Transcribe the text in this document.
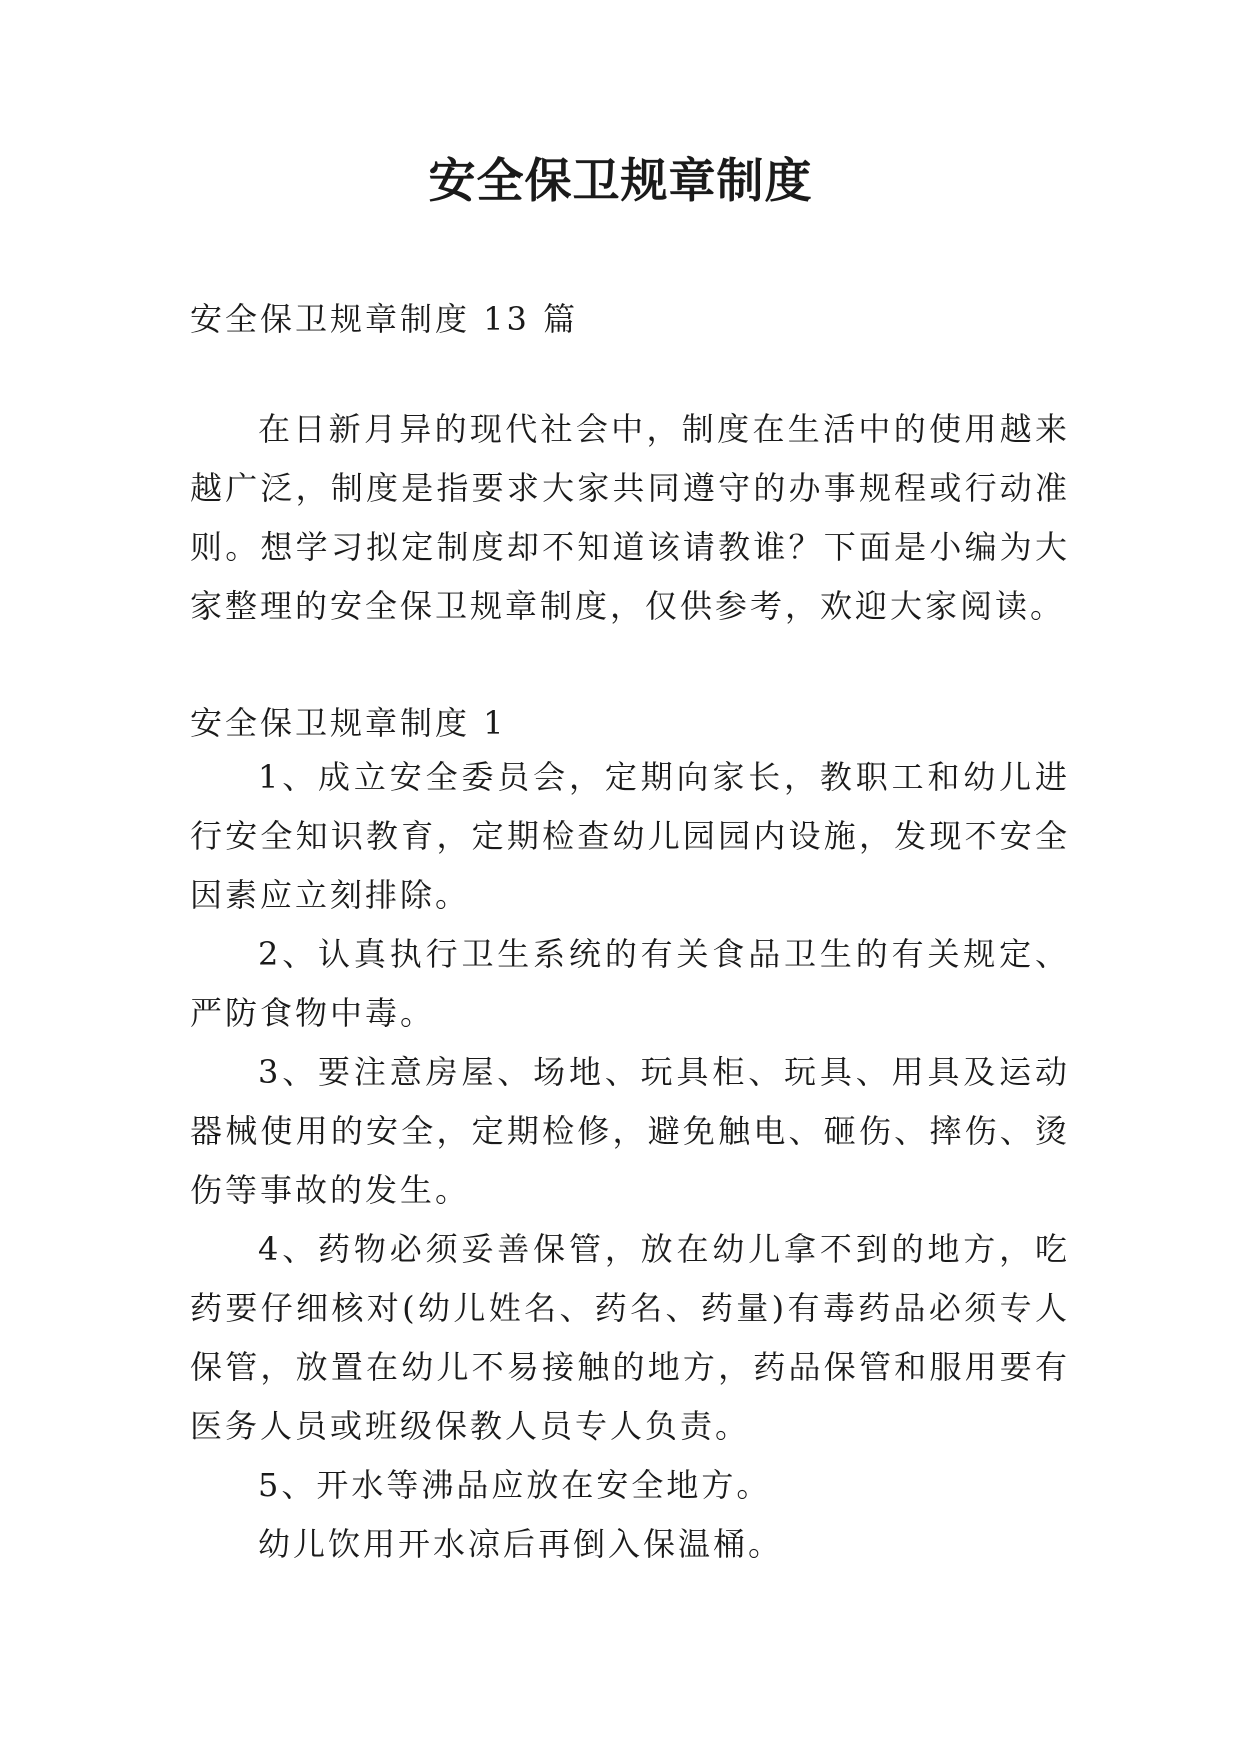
安全保卫规章制度

安全保卫规章制度 13 篇

在日新月异的现代社会中，制度在生活中的使用越来越广泛，制度是指要求大家共同遵守的办事规程或行动准则。想学习拟定制度却不知道该请教谁？下面是小编为大家整理的安全保卫规章制度，仅供参考，欢迎大家阅读。

安全保卫规章制度 1

1、成立安全委员会，定期向家长，教职工和幼儿进行安全知识教育，定期检查幼儿园园内设施，发现不安全因素应立刻排除。

2、认真执行卫生系统的有关食品卫生的有关规定、严防食物中毒。

3、要注意房屋、场地、玩具柜、玩具、用具及运动器械使用的安全，定期检修，避免触电、砸伤、摔伤、烫伤等事故的发生。

4、药物必须妥善保管，放在幼儿拿不到的地方，吃药要仔细核对(幼儿姓名、药名、药量)有毒药品必须专人保管，放置在幼儿不易接触的地方，药品保管和服用要有医务人员或班级保教人员专人负责。

5、开水等沸品应放在安全地方。

幼儿饮用开水凉后再倒入保温桶。
